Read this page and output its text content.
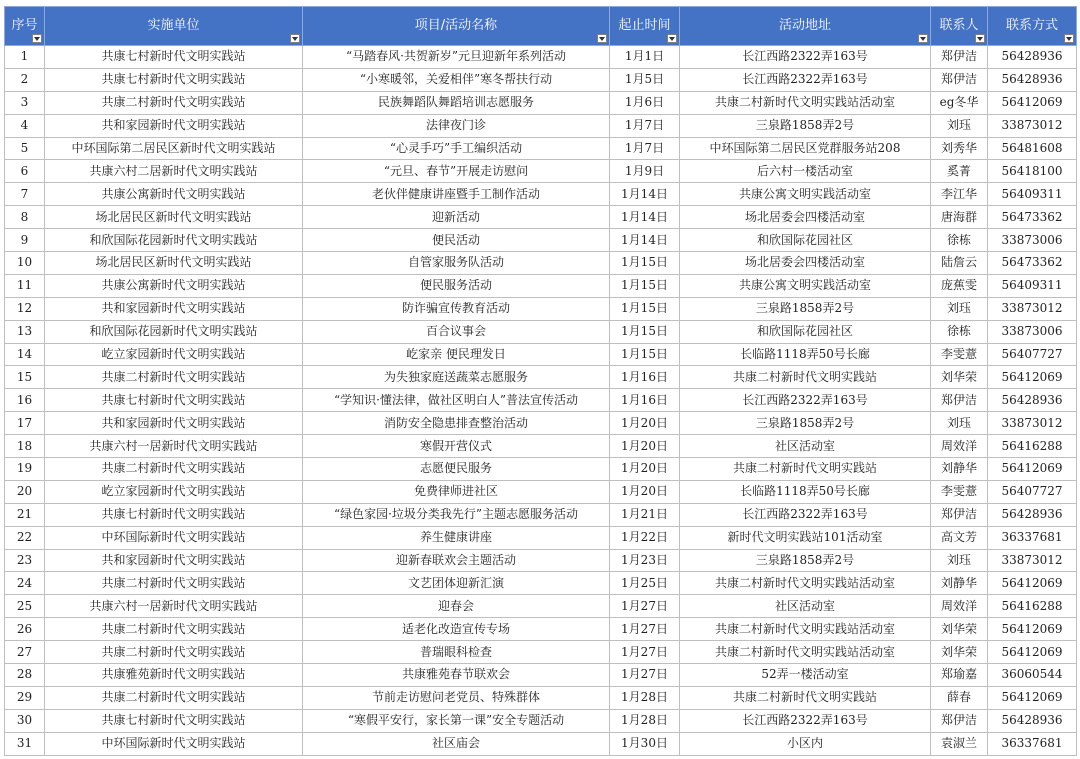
序号	实施单位	项目/活动名称	起止时间	活动地址	联系人	联系方式

1	共康七村新时代文明实践站	“马踏春风·共贺新岁”元旦迎新年系列活动	1月1日	长江西路2322弄163号	郑伊洁	56428936
2	共康七村新时代文明实践站	“小寒暖邻，关爱相伴”寒冬帮扶行动	1月5日	长江西路2322弄163号	郑伊洁	56428936
3	共康二村新时代文明实践站	民族舞蹈队舞蹈培训志愿服务	1月6日	共康二村新时代文明实践站活动室	eg冬华	56412069
4	共和家园新时代文明实践站	法律夜门诊	1月7日	三泉路1858弄2号	刘珏	33873012
5	中环国际第二居民区新时代文明实践站	“心灵手巧”手工编织活动	1月7日	中环国际第二居民区党群服务站208	刘秀华	56481608
6	共康六村二居新时代文明实践站	“元旦、春节”开展走访慰问	1月9日	后六村一楼活动室	奚菁	56418100
7	共康公寓新时代文明实践站	老伙伴健康讲座暨手工制作活动	1月14日	共康公寓文明实践活动室	李江华	56409311
8	场北居民区新时代文明实践站	迎新活动	1月14日	场北居委会四楼活动室	唐海群	56473362
9	和欣国际花园新时代文明实践站	便民活动	1月14日	和欣国际花园社区	徐栋	33873006
10	场北居民区新时代文明实践站	自管家服务队活动	1月15日	场北居委会四楼活动室	陆詹云	56473362
11	共康公寓新时代文明实践站	便民服务活动	1月15日	共康公寓文明实践活动室	庞蕉雯	56409311
12	共和家园新时代文明实践站	防诈骗宣传教育活动	1月15日	三泉路1858弄2号	刘珏	33873012
13	和欣国际花园新时代文明实践站	百合议事会	1月15日	和欣国际花园社区	徐栋	33873006
14	屹立家园新时代文明实践站	屹家亲 便民理发日	1月15日	长临路1118弄50号长廊	李雯薏	56407727
15	共康二村新时代文明实践站	为失独家庭送蔬菜志愿服务	1月16日	共康二村新时代文明实践站	刘华荣	56412069
16	共康七村新时代文明实践站	“学知识·懂法律，做社区明白人”普法宣传活动	1月16日	长江西路2322弄163号	郑伊洁	56428936
17	共和家园新时代文明实践站	消防安全隐患排查整治活动	1月20日	三泉路1858弄2号	刘珏	33873012
18	共康六村一居新时代文明实践站	寒假开营仪式	1月20日	社区活动室	周效洋	56416288
19	共康二村新时代文明实践站	志愿便民服务	1月20日	共康二村新时代文明实践站	刘静华	56412069
20	屹立家园新时代文明实践站	免费律师进社区	1月20日	长临路1118弄50号长廊	李雯薏	56407727
21	共康七村新时代文明实践站	“绿色家园·垃圾分类我先行”主题志愿服务活动	1月21日	长江西路2322弄163号	郑伊洁	56428936
22	中环国际新时代文明实践站	养生健康讲座	1月22日	新时代文明实践站101活动室	高文芳	36337681
23	共和家园新时代文明实践站	迎新春联欢会主题活动	1月23日	三泉路1858弄2号	刘珏	33873012
24	共康二村新时代文明实践站	文艺团体迎新汇演	1月25日	共康二村新时代文明实践站活动室	刘静华	56412069
25	共康六村一居新时代文明实践站	迎春会	1月27日	社区活动室	周效洋	56416288
26	共康二村新时代文明实践站	适老化改造宣传专场	1月27日	共康二村新时代文明实践站活动室	刘华荣	56412069
27	共康二村新时代文明实践站	普瑞眼科检查	1月27日	共康二村新时代文明实践站活动室	刘华荣	56412069
28	共康雅苑新时代文明实践站	共康雅苑春节联欢会	1月27日	52弄一楼活动室	郑瑜嘉	36060544
29	共康二村新时代文明实践站	节前走访慰问老党员、特殊群体	1月28日	共康二村新时代文明实践站	薛春	56412069
30	共康七村新时代文明实践站	“寒假平安行，家长第一课”安全专题活动	1月28日	长江西路2322弄163号	郑伊洁	56428936
31	中环国际新时代文明实践站	社区庙会	1月30日	小区内	袁淑兰	36337681
